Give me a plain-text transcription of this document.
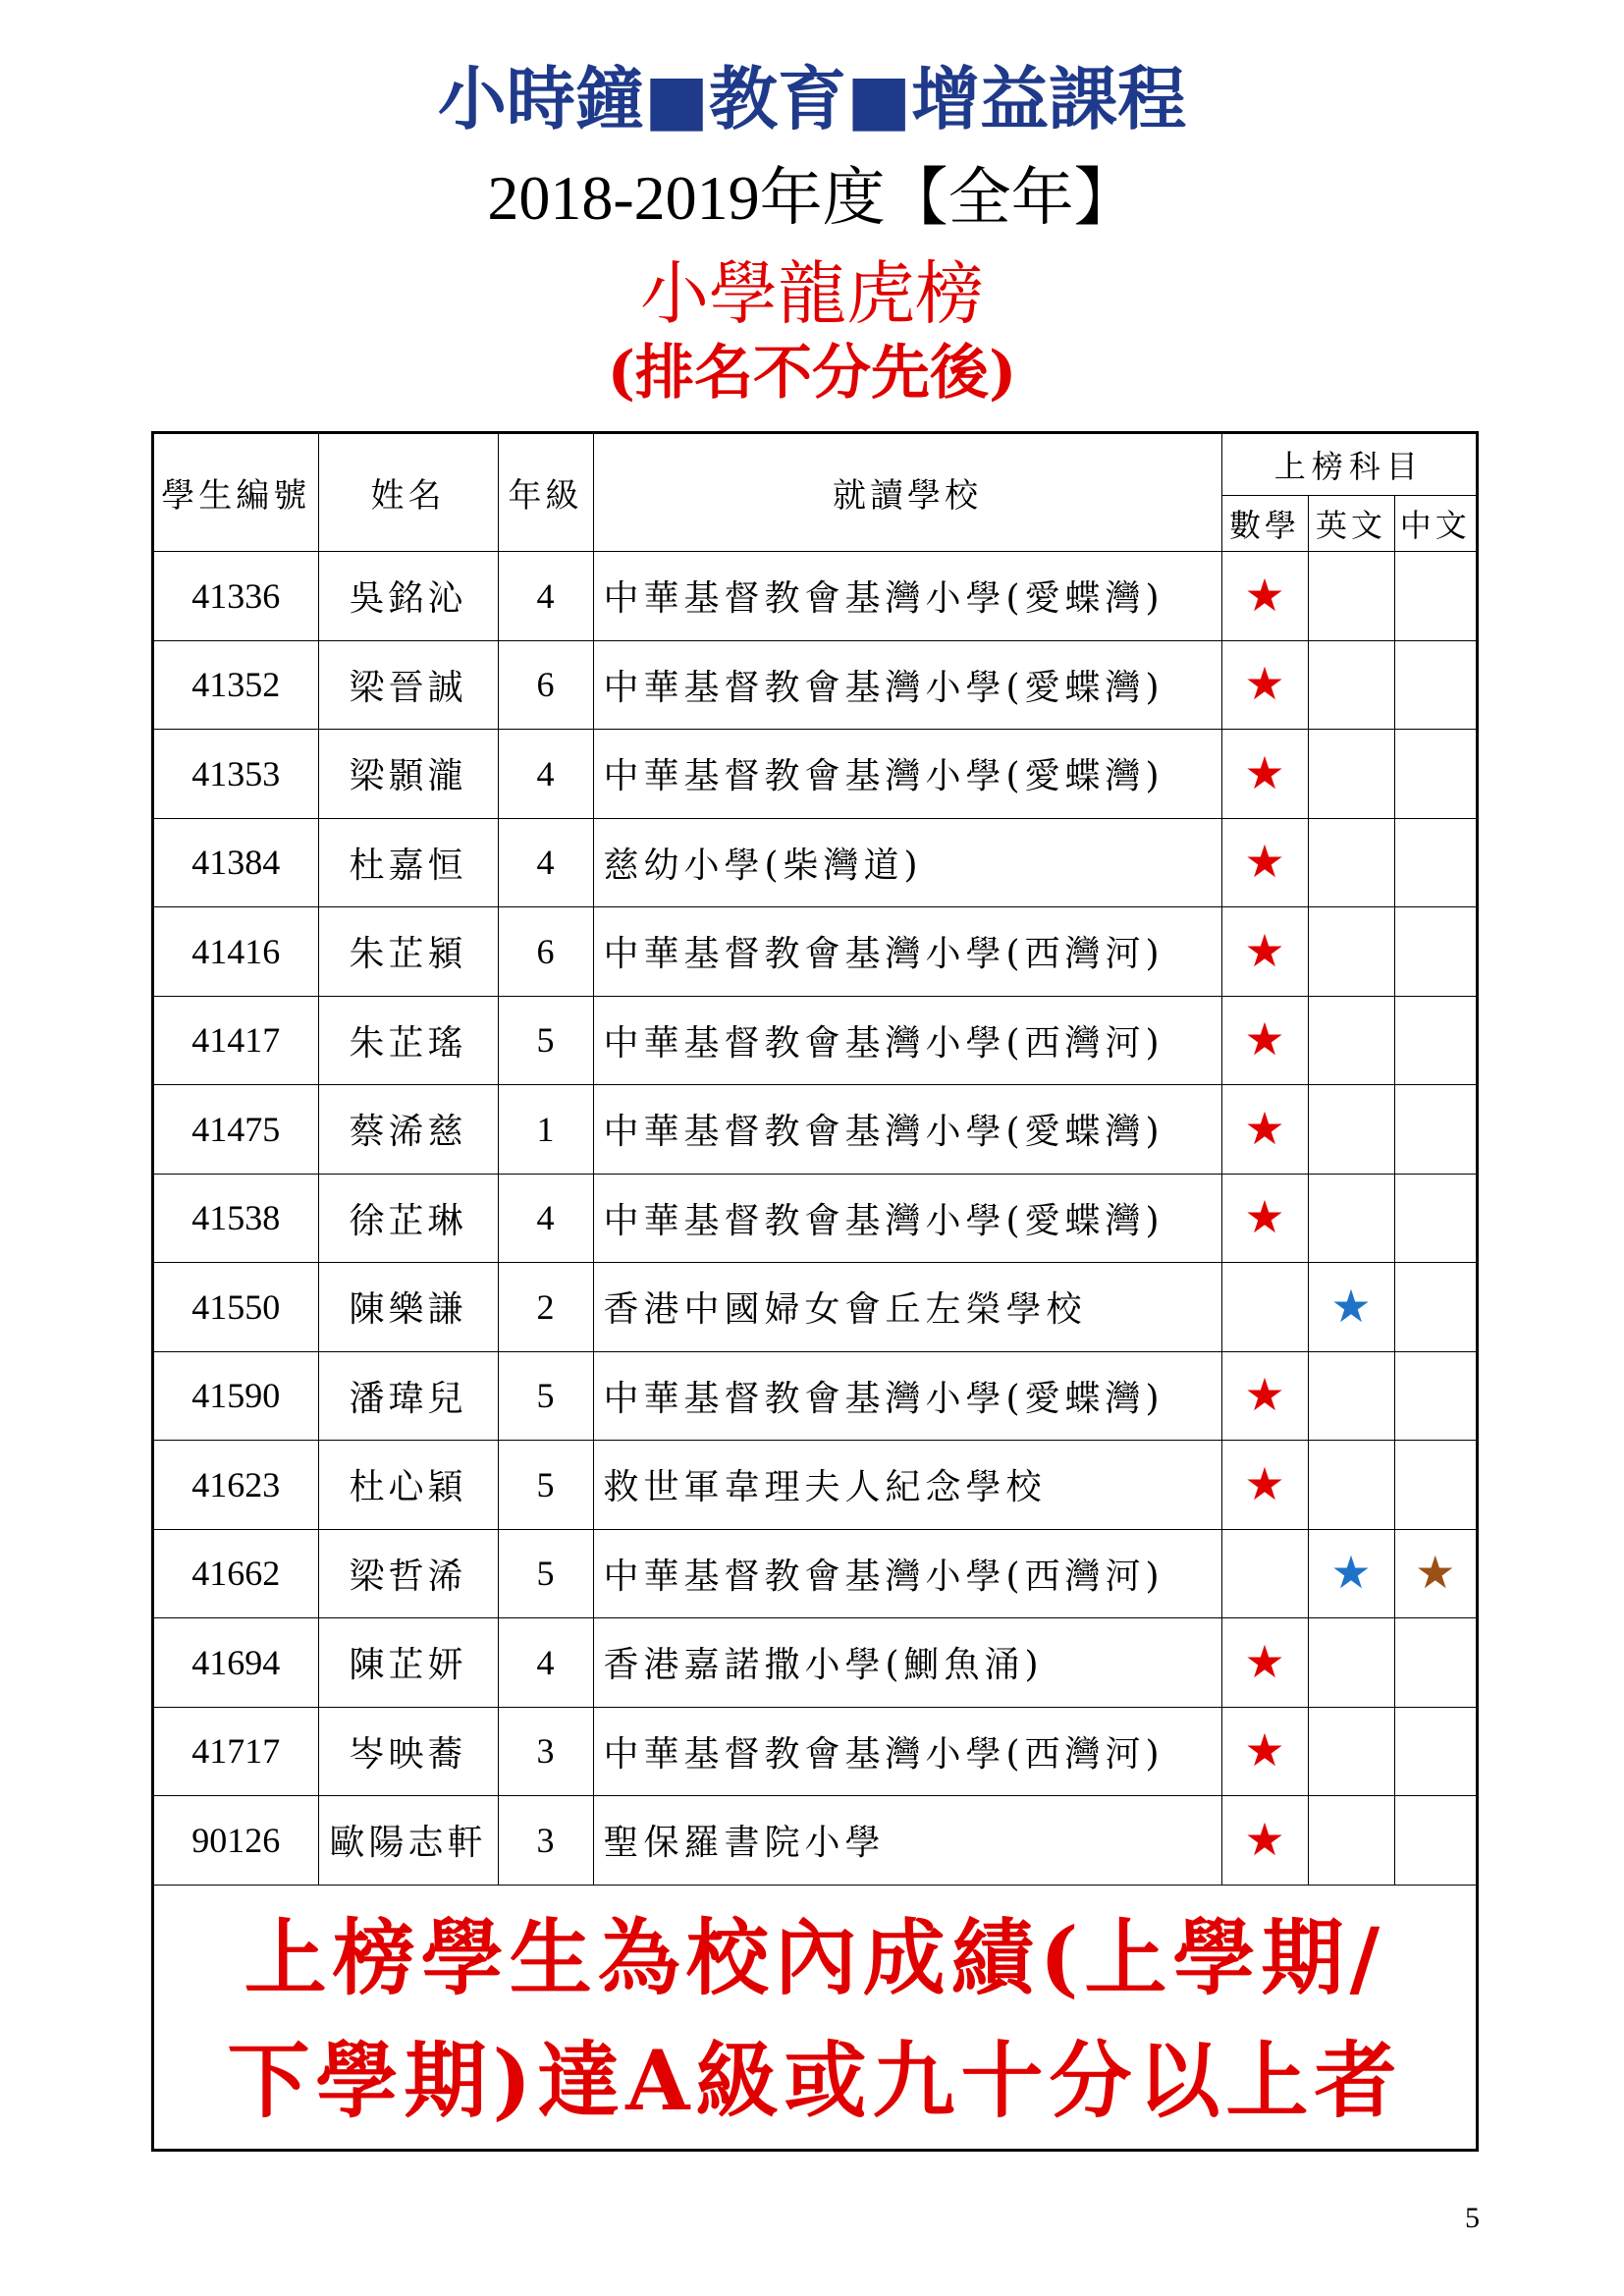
小時鐘■教育■增益課程
2018-2019年度【全年】
小學龍虎榜
(排名不分先後)
學生編號	姓名	年級	就讀學校	上榜科目		
				數學	英文	中文
41336	吳銘沁	4	中華基督教會基灣小學(愛蝶灣)	★		
41352	梁晉誠	6	中華基督教會基灣小學(愛蝶灣)	★		
41353	梁顥瀧	4	中華基督教會基灣小學(愛蝶灣)	★		
41384	杜嘉恒	4	慈幼小學(柴灣道)	★		
41416	朱芷潁	6	中華基督教會基灣小學(西灣河)	★		
41417	朱芷瑤	5	中華基督教會基灣小學(西灣河)	★		
41475	蔡浠慈	1	中華基督教會基灣小學(愛蝶灣)	★		
41538	徐芷琳	4	中華基督教會基灣小學(愛蝶灣)	★		
41550	陳樂謙	2	香港中國婦女會丘左榮學校		★	
41590	潘瑋兒	5	中華基督教會基灣小學(愛蝶灣)	★		
41623	杜心穎	5	救世軍韋理夫人紀念學校	★		
41662	梁哲浠	5	中華基督教會基灣小學(西灣河)		★	★
41694	陳芷妍	4	香港嘉諾撒小學(鰂魚涌)	★		
41717	岑映蕎	3	中華基督教會基灣小學(西灣河)	★		
90126	歐陽志軒	3	聖保羅書院小學	★		
上榜學生為校內成績(上學期/
下學期)達A級或九十分以上者
5
